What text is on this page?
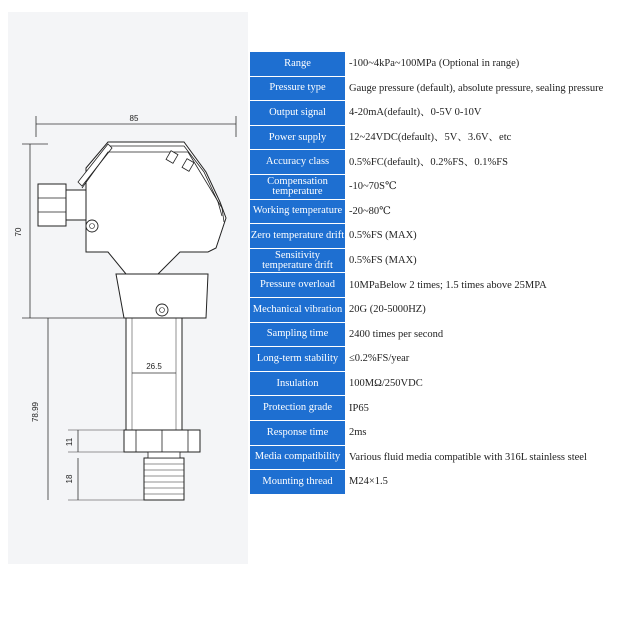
85
70
26.5
78.99
11
18
Range	-100~4kPa~100MPa (Optional in range)
Pressure type	Gauge pressure (default), absolute pressure, sealing pressure
Output signal	4-20mA(default)、0-5V 0-10V
Power supply	12~24VDC(default)、5V、3.6V、etc
Accuracy class	0.5%FC(default)、0.2%FS、0.1%FS
Compensation temperature	-10~70S℃
Working temperature -20~80℃
Zero temperature drift 0.5%FS (MAX)
Sensitivity temperature drift	0.5%FS (MAX)
Pressure overload	10MPaBelow 2 times; 1.5 times above 25MPA
Mechanical vibration 20G (20-5000HZ)
Sampling time	2400 times per second
Long-term stability	≤0.2%FS/year
Insulation	100MΩ/250VDC
Protection grade	IP65
Response time	2ms
Media compatibility Various fluid media compatible with 316L stainless steel
Mounting thread	M24×1.5
